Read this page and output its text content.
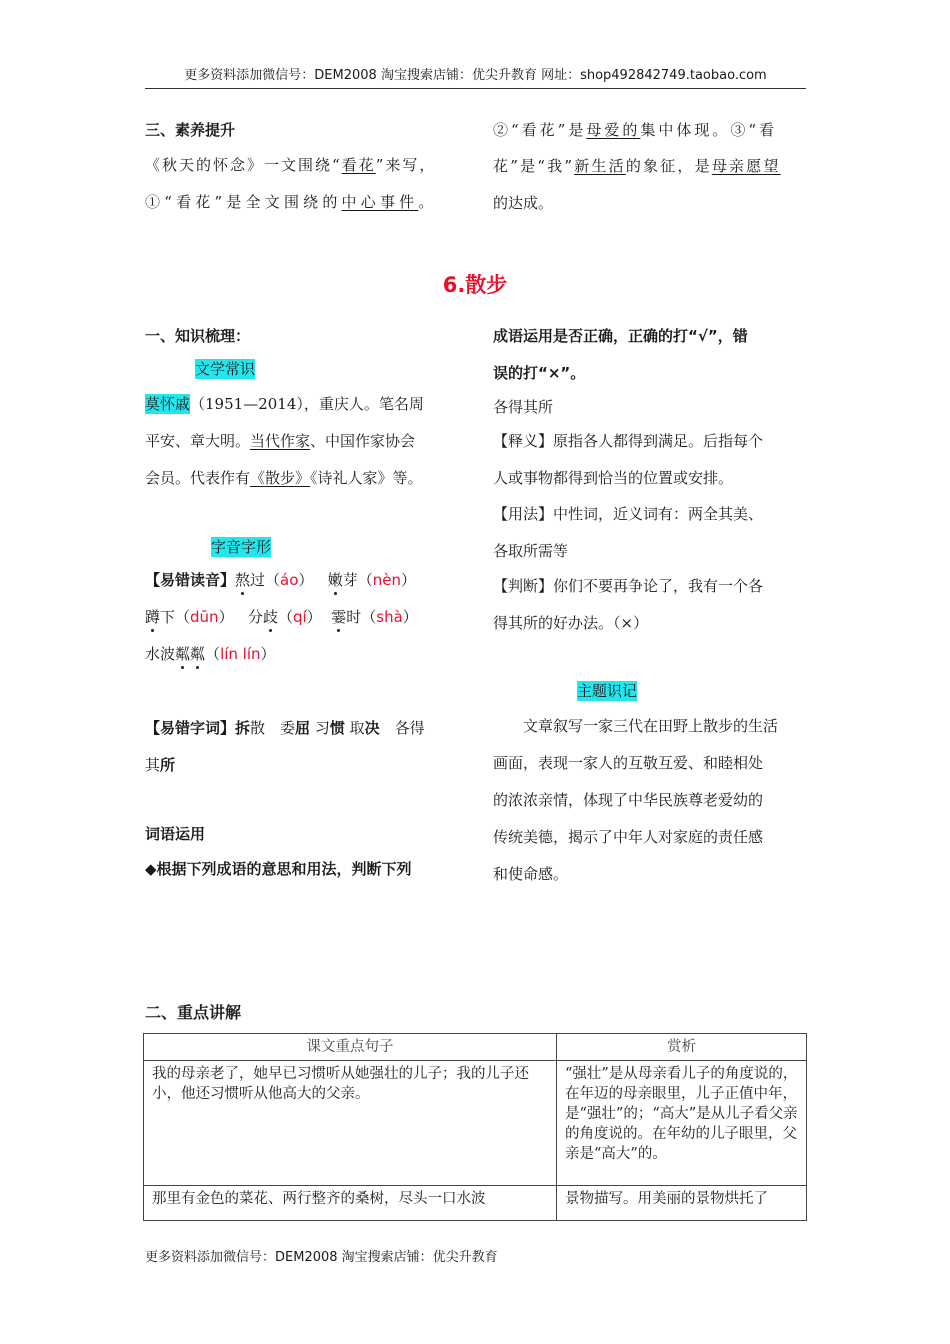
更多资料添加微信号：DEM2008 淘宝搜索店铺：优尖升教育 网址：shop492842749.taobao.com
三、素养提升
《秋天的怀念》一文围绕“看花”来写，
①“看花”是全文围绕的中心事件。
②“看花”是母爱的集中体现。③“看
花”是“我”新生活的象征，是母亲愿望
的达成。
6.散步
一、知识梳理：
文学常识
莫怀戚（1951—2014），重庆人。笔名周
平安、章大明。当代作家、中国作家协会
会员。代表作有《散步》《诗礼人家》等。
字音字形
【易错读音】熬过（áo） 嫩芽（nèn）
蹲下（dūn） 分歧（qí） 霎时（shà）
水波粼粼（lín lín）
【易错字词】拆散　委屈 习惯 取决　各得
其所
词语运用
◆根据下列成语的意思和用法，判断下列
成语运用是否正确，正确的打“√”，错
误的打“×”。
各得其所
【释义】原指各人都得到满足。后指每个
人或事物都得到恰当的位置或安排。
【用法】中性词，近义词有：两全其美、
各取所需等
【判断】你们不要再争论了，我有一个各
得其所的好办法。（×）
主题识记
文章叙写一家三代在田野上散步的生活
画面，表现一家人的互敬互爱、和睦相处
的浓浓亲情，体现了中华民族尊老爱幼的
传统美德，揭示了中年人对家庭的责任感
和使命感。
二、重点讲解
课文重点句子	赏析
我的母亲老了，她早已习惯听从她强壮的儿子；我的儿子还小，他还习惯听从他高大的父亲。	“强壮”是从母亲看儿子的角度说的，在年迈的母亲眼里，儿子正值中年，是“强壮”的；“高大”是从儿子看父亲的角度说的。在年幼的儿子眼里，父亲是“高大”的。
那里有金色的菜花、两行整齐的桑树，尽头一口水波	景物描写。用美丽的景物烘托了
更多资料添加微信号：DEM2008 淘宝搜索店铺：优尖升教育
